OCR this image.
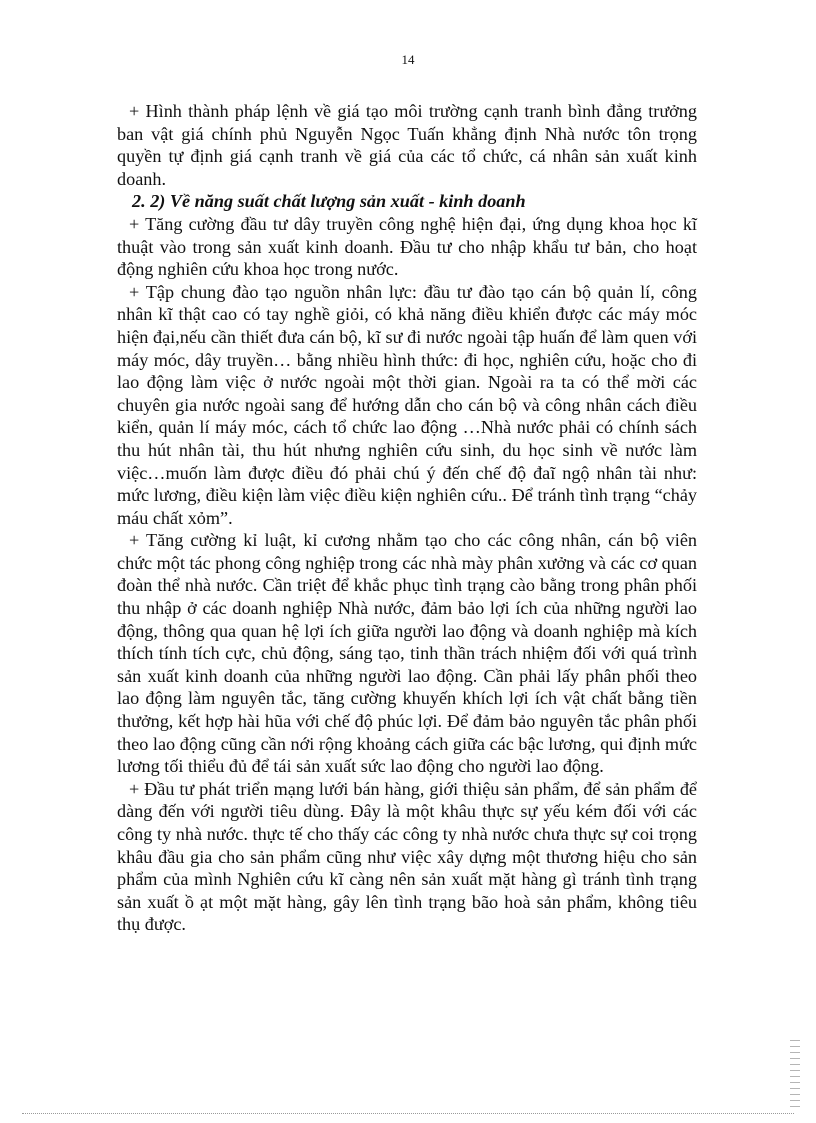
14

+ Hình thành pháp lệnh về giá tạo môi trường cạnh tranh bình đẳng trưởng ban vật giá chính phủ Nguyễn Ngọc Tuấn khẳng định Nhà nước tôn trọng quyền tự định giá cạnh tranh về giá của các tổ chức, cá nhân sản xuất kinh doanh.

2. 2) Về năng suất chất lượng sản xuất - kinh doanh

+ Tăng cường đầu tư dây truyền công nghệ hiện đại, ứng dụng khoa học kĩ thuật vào trong sản xuất kinh doanh. Đầu tư cho nhập khẩu tư bản, cho hoạt động nghiên cứu khoa học trong nước.

+ Tập chung đào tạo nguồn nhân lực: đầu tư đào tạo cán bộ quản lí, công nhân kĩ thật cao có tay nghề giỏi, có khả năng điều khiển được các máy móc hiện đại,nếu cần thiết đưa cán bộ, kĩ sư đi nước ngoài tập huấn để làm quen với máy móc, dây truyền… bằng nhiều hình thức: đi học, nghiên cứu, hoặc cho đi lao động làm việc ở nước ngoài một thời gian. Ngoài ra ta có thể mời các chuyên gia nước ngoài sang để hướng dẫn cho cán bộ và công nhân cách điều kiển, quản lí máy móc, cách tổ chức lao động …Nhà nước phải có chính sách thu hút nhân tài, thu hút nhưng nghiên cứu sinh, du học sinh về nước làm việc…muốn làm được điều đó phải chú ý đến chế độ đaĩ ngộ nhân tài như: mức lương, điều kiện làm việc điều kiện nghiên cứu.. Để tránh tình trạng “chảy máu chất xỏm”.

+ Tăng cường kỉ luật, kỉ cương nhằm tạo cho các công nhân, cán bộ viên chức một tác phong công nghiệp trong các nhà mày phân xưởng và các cơ quan đoàn thể nhà nước. Cần triệt để khắc phục tình trạng cào bằng trong phân phối thu nhập ở các doanh nghiệp Nhà nước, đảm bảo lợi ích của những người lao động, thông qua quan hệ lợi ích giữa người lao động và doanh nghiệp mà kích thích tính tích cực, chủ động, sáng tạo, tinh thần trách nhiệm đối với quá trình sản xuất kinh doanh của những người lao động. Cần phải lấy phân phối theo lao động làm nguyên tắc, tăng cường khuyến khích lợi ích vật chất bằng tiền thưởng, kết hợp hài hũa với chế độ phúc lợi. Để đảm bảo nguyên tắc phân phối theo lao động cũng cần nới rộng khoảng cách giữa các bậc lương, qui định mức lương tối thiểu đủ để tái sản xuất sức lao động cho người lao động.

+ Đầu tư phát triển mạng lưới bán hàng, giới thiệu sản phẩm, để sản phẩm để dàng đến với người tiêu dùng. Đây là một khâu thực sự yếu kém đối với các công ty nhà nước. thực tế cho thấy các công ty nhà nước chưa thực sự coi trọng khâu đầu gia cho sản phẩm cũng như việc xây dựng một thương hiệu cho sản phẩm của mình Nghiên cứu kĩ càng nên sản xuất mặt hàng gì tránh tình trạng sản xuất ồ ạt một mặt hàng, gây lên tình trạng bão hoà sản phẩm, không tiêu thụ được.
